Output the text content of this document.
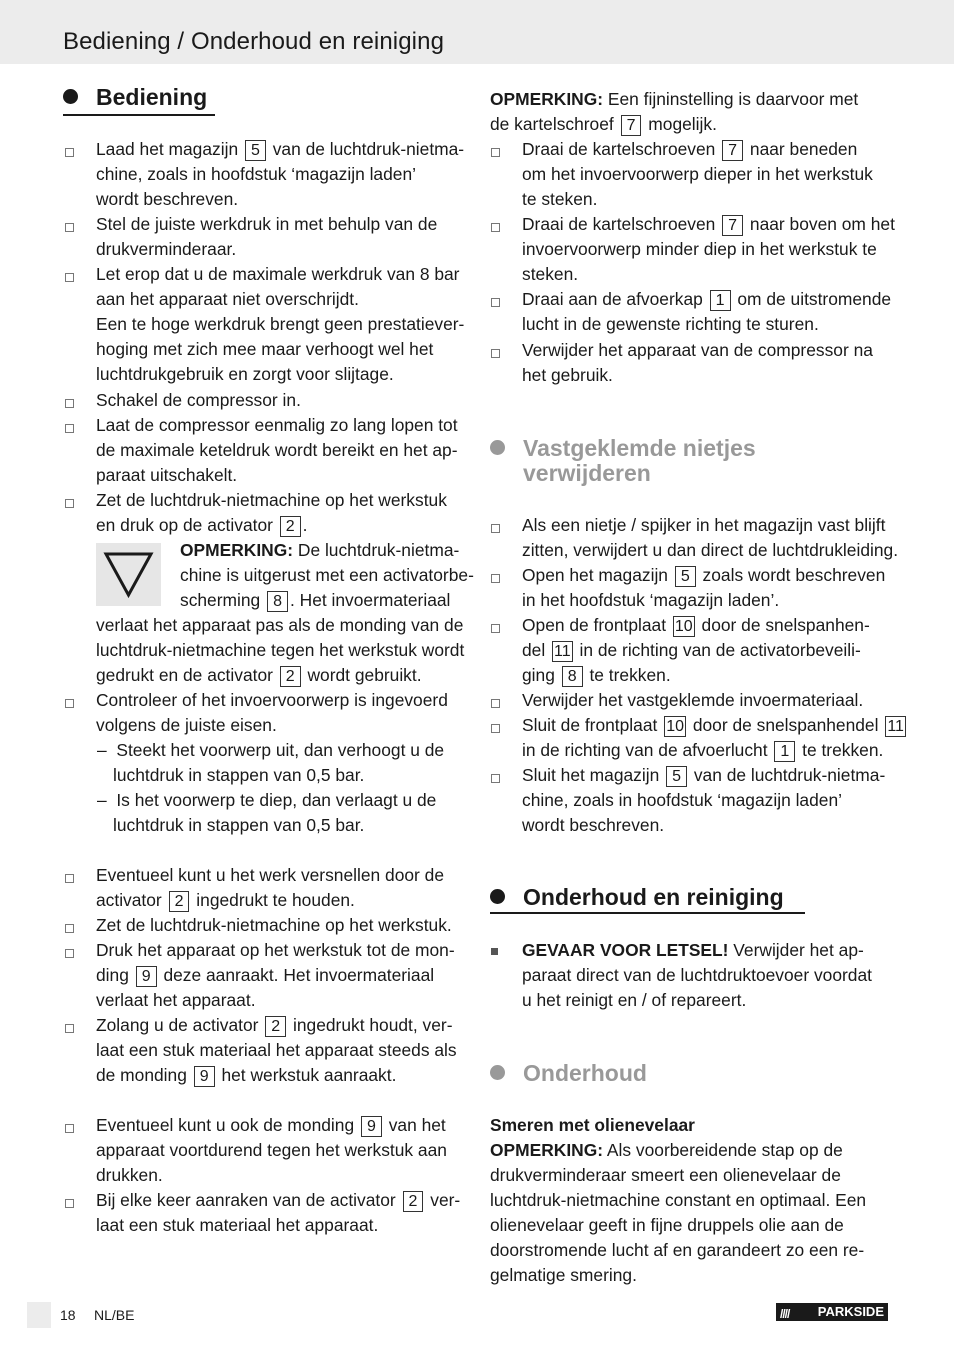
Bediening / Onderhoud en reiniging
Bediening
Laad het magazijn 5 van de luchtdruk-nietma-
chine, zoals in hoofdstuk ‘magazijn laden’
wordt beschreven.
Stel de juiste werkdruk in met behulp van de
drukverminderaar.
Let erop dat u de maximale werkdruk van 8 bar
aan het apparaat niet overschrijdt.
Een te hoge werkdruk brengt geen prestatiever-
hoging met zich mee maar verhoogt wel het
luchtdrukgebruik en zorgt voor slijtage.
Schakel de compressor in.
Laat de compressor eenmalig zo lang lopen tot
de maximale keteldruk wordt bereikt en het ap-
paraat uitschakelt.
Zet de luchtdruk-nietmachine op het werkstuk
en druk op de activator 2 .
OPMERKING: De luchtdruk-nietma-
chine is uitgerust met een activatorbe-
scherming 8 . Het invoermateriaal
verlaat het apparaat pas als de monding van de
luchtdruk-nietmachine tegen het werkstuk wordt
gedrukt en de activator 2 wordt gebruikt.
Controleer of het invoervoorwerp is ingevoerd
volgens de juiste eisen.
– Steekt het voorwerp uit, dan verhoogt u de
luchtdruk in stappen van 0,5 bar.
– Is het voorwerp te diep, dan verlaagt u de
luchtdruk in stappen van 0,5 bar.
Eventueel kunt u het werk versnellen door de
activator 2 ingedrukt te houden.
Zet de luchtdruk-nietmachine op het werkstuk.
Druk het apparaat op het werkstuk tot de mon-
ding 9 deze aanraakt. Het invoermateriaal
verlaat het apparaat.
Zolang u de activator 2 ingedrukt houdt, ver-
laat een stuk materiaal het apparaat steeds als
de monding 9 het werkstuk aanraakt.
Eventueel kunt u ook de monding 9 van het
apparaat voortdurend tegen het werkstuk aan
drukken.
Bij elke keer aanraken van de activator 2 ver-
laat een stuk materiaal het apparaat.
OPMERKING: Een fijninstelling is daarvoor met
de kartelschroef 7 mogelijk.
Draai de kartelschroeven 7 naar beneden
om het invoervoorwerp dieper in het werkstuk
te steken.
Draai de kartelschroeven 7 naar boven om het
invoervoorwerp minder diep in het werkstuk te
steken.
Draai aan de afvoerkap 1 om de uitstromende
lucht in de gewenste richting te sturen.
Verwijder het apparaat van de compressor na
het gebruik.
Vastgeklemde nietjes
verwijderen
Als een nietje / spijker in het magazijn vast blijft
zitten, verwijdert u dan direct de luchtdrukleiding.
Open het magazijn 5 zoals wordt beschreven
in het hoofdstuk ‘magazijn laden’.
Open de frontplaat 10 door de snelspanhen-
del 11 in de richting van de activatorbeveili-
ging 8 te trekken.
Verwijder het vastgeklemde invoermateriaal.
Sluit de frontplaat 10 door de snelspanhendel 11
in de richting van de afvoerlucht 1 te trekken.
Sluit het magazijn 5 van de luchtdruk-nietma-
chine, zoals in hoofdstuk ‘magazijn laden’
wordt beschreven.
Onderhoud en reiniging
GEVAAR VOOR LETSEL! Verwijder het ap-
paraat direct van de luchtdruktoevoer voordat
u het reinigt en / of repareert.
Onderhoud
Smeren met olienevelaar
OPMERKING: Als voorbereidende stap op de
drukverminderaar smeert een olienevelaar de
luchtdruk-nietmachine constant en optimaal. Een
olienevelaar geeft in fijne druppels olie aan de
doorstromende lucht af en garandeert zo een re-
gelmatige smering.
18 NL/BE	//// PARKSIDE
